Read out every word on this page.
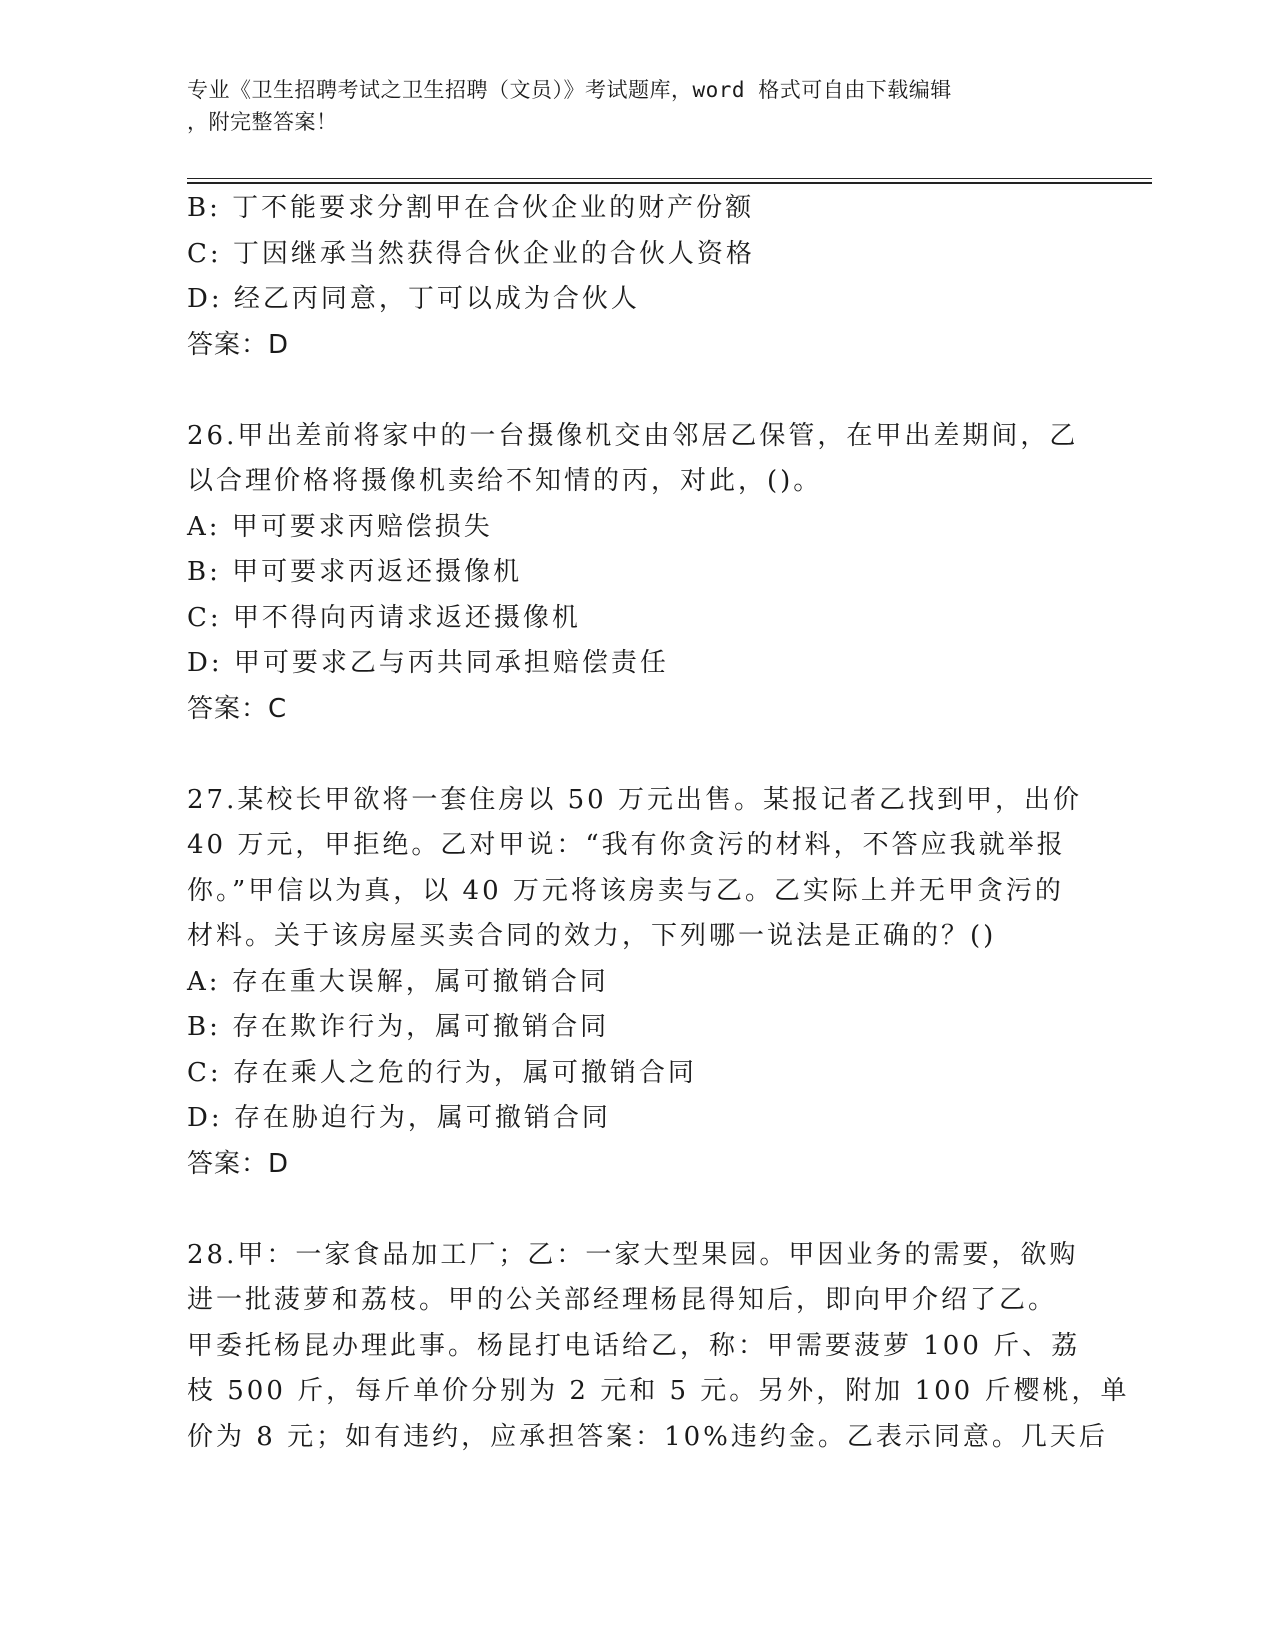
专业《卫生招聘考试之卫生招聘（文员）》考试题库，word 格式可自由下载编辑
，附完整答案！
B: 丁不能要求分割甲在合伙企业的财产份额
C: 丁因继承当然获得合伙企业的合伙人资格
D: 经乙丙同意，丁可以成为合伙人
答案：D
26.甲出差前将家中的一台摄像机交由邻居乙保管，在甲出差期间，乙
以合理价格将摄像机卖给不知情的丙，对此，()。
A: 甲可要求丙赔偿损失
B: 甲可要求丙返还摄像机
C: 甲不得向丙请求返还摄像机
D: 甲可要求乙与丙共同承担赔偿责任
答案：C
27.某校长甲欲将一套住房以 50 万元出售。某报记者乙找到甲，出价
40 万元，甲拒绝。乙对甲说：“我有你贪污的材料，不答应我就举报
你。”甲信以为真，以 40 万元将该房卖与乙。乙实际上并无甲贪污的
材料。关于该房屋买卖合同的效力，下列哪一说法是正确的？()
A: 存在重大误解，属可撤销合同
B: 存在欺诈行为，属可撤销合同
C: 存在乘人之危的行为，属可撤销合同
D: 存在胁迫行为，属可撤销合同
答案：D
28.甲：一家食品加工厂；乙：一家大型果园。甲因业务的需要，欲购
进一批菠萝和荔枝。甲的公关部经理杨昆得知后，即向甲介绍了乙。
甲委托杨昆办理此事。杨昆打电话给乙，称：甲需要菠萝 100 斤、荔
枝 500 斤，每斤单价分别为 2 元和 5 元。另外，附加 100 斤樱桃，单
价为 8 元；如有违约，应承担答案：10%违约金。乙表示同意。几天后
